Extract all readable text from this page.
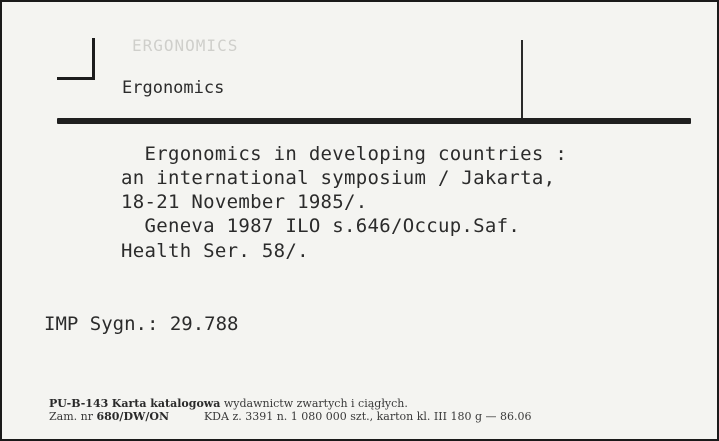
ERGONOMICS
Ergonomics
Ergonomics in developing countries :
an international symposium / Jakarta,
18-21 November 1985/.
Geneva 1987 ILO s.646/Occup.Saf.
Health Ser. 58/.
IMP Sygn.: 29.788
PU-B-143 Karta katalogowa wydawnictw zwartych i ciągłych.
Zam. nr 680/DW/ON	KDA z. 3391 n. 1 080 000 szt., karton kl. III 180 g — 86.06
